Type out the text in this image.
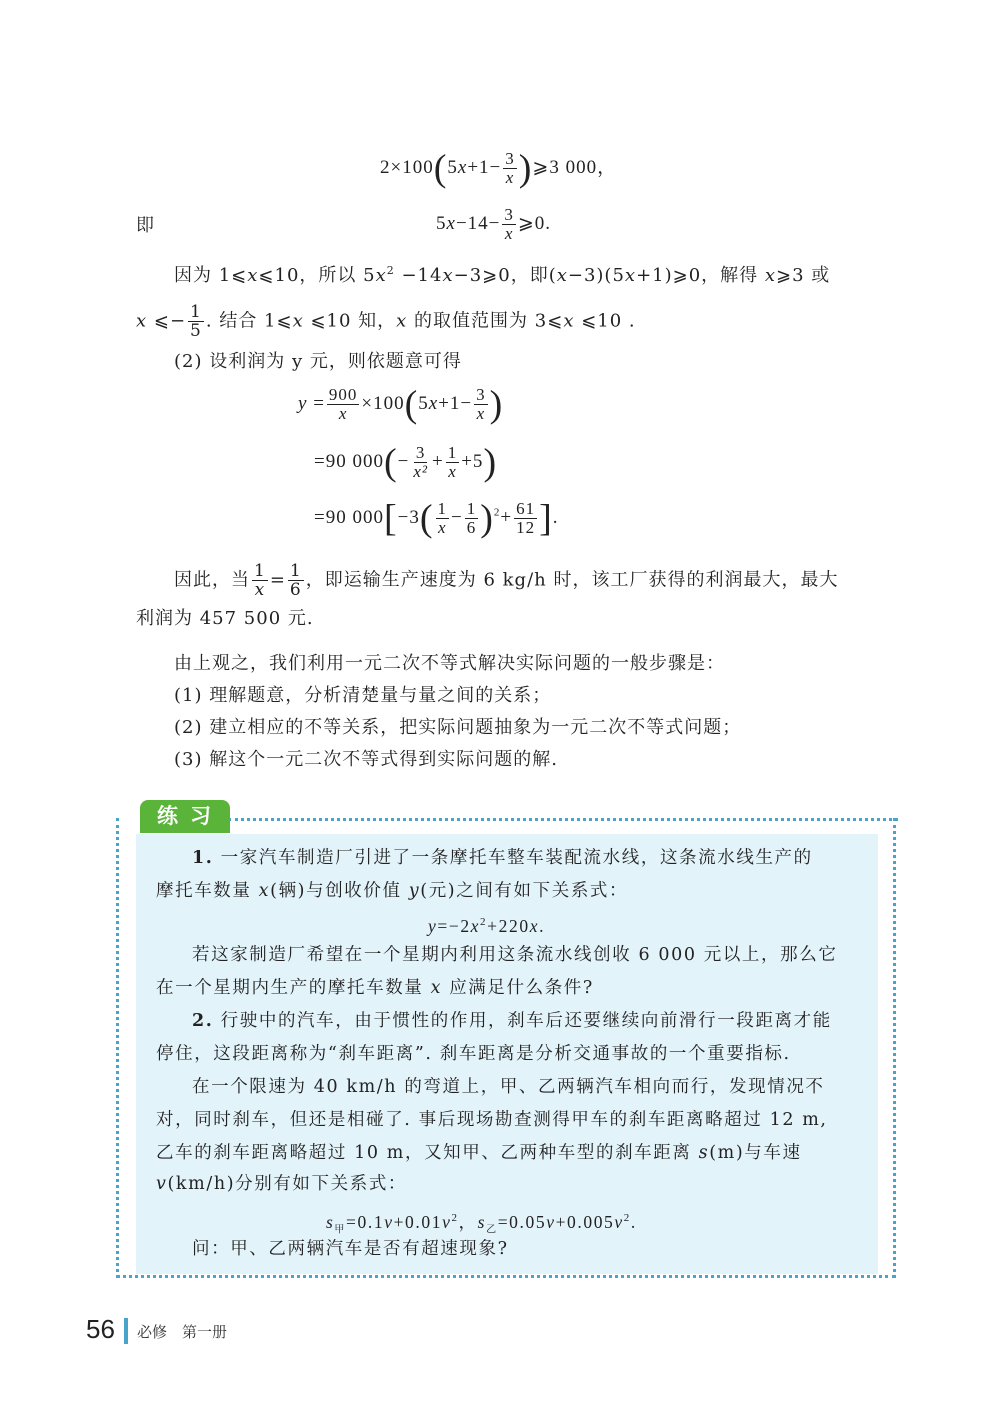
$2\times 100(5x+1- \frac{3}{x}$ )⩾3 000，
即	$5x-14- \frac{3}{x}$ ⩾0.
因为 1⩽x⩽10，所以 $5x^2$ −14x−3⩾0，即(x−3)(5x+1)⩾0，解得 x⩾3 或
x ⩽− $\frac{1}{5}$ . 结合 1⩽x ⩽10 知，x 的取值范围为 3⩽x ⩽10 .
(2) 设利润为 y 元，则依题意可得
$y = \frac{900}{x} \times 100(5x+1- \frac{3}{x}$ )
=90 $000(- \frac{3}{\text{x²}} + \frac{1}{x} +5)$
=90 $000[-3( \frac{1}{x} - \frac{1}{6} )^2+ \frac{61}{12}$ ].
因此，当 $\frac{1}{x} = \frac{1}{6}$ ，即运输生产速度为 6 kg/h 时，该工厂获得的利润最大，最大
利润为 457 500 元.
由上观之，我们利用一元二次不等式解决实际问题的一般步骤是：
(1) 理解题意，分析清楚量与量之间的关系；
(2) 建立相应的不等关系，把实际问题抽象为一元二次不等式问题；
(3) 解这个一元二次不等式得到实际问题的解.
练习
1. 一家汽车制造厂引进了一条摩托车整车装配流水线，这条流水线生产的
摩托车数量 x(辆)与创收价值 y(元)之间有如下关系式：
$y=-2x^2+220x$.
若这家制造厂希望在一个星期内利用这条流水线创收 6 000 元以上，那么它
在一个星期内生产的摩托车数量 x 应满足什么条件?
2. 行驶中的汽车，由于惯性的作用，刹车后还要继续向前滑行一段距离才能
停住，这段距离称为“刹车距离”. 刹车距离是分析交通事故的一个重要指标.
在一个限速为 40 km/h 的弯道上，甲、乙两辆汽车相向而行，发现情况不
对，同时刹车，但还是相碰了. 事后现场勘查测得甲车的刹车距离略超过 12 m,
乙车的刹车距离略超过 10 m，又知甲、乙两种车型的刹车距离 s(m)与车速
v(km/h)分别有如下关系式：
$s_甲=0.1v+0.01v^2$，$s_乙=0.05v+0.005v^2$.
问：甲、乙两辆汽车是否有超速现象?
56 必修　第一册
